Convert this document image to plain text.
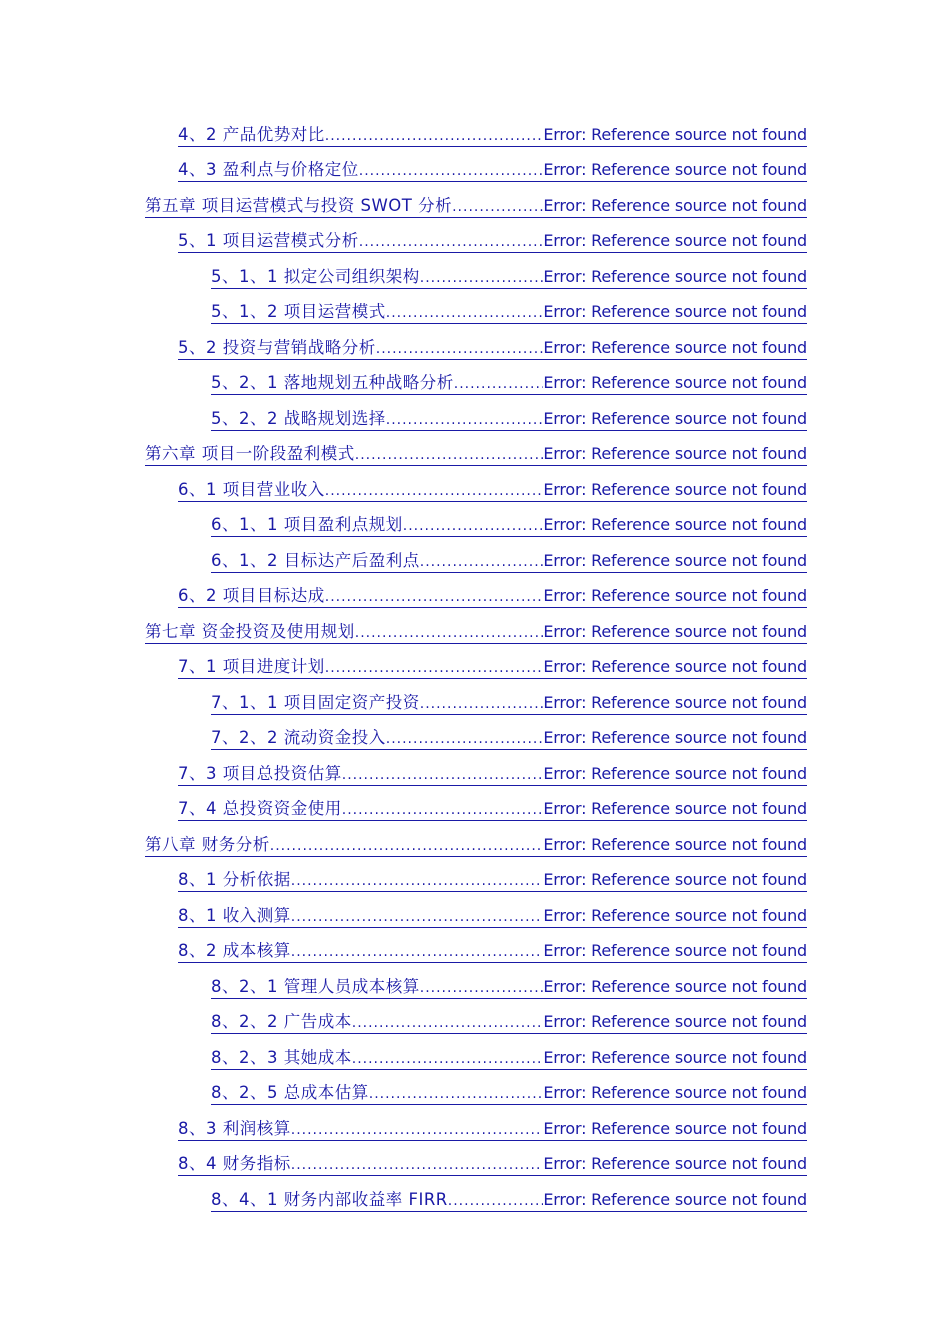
4、2 产品优势对比 .....	Error: Reference source not found
4、3 盈利点与价格定位 .....	Error: Reference source not found
第五章 项目运营模式与投资 SWOT 分析 .....	Error: Reference source not found
5、1 项目运营模式分析 .....	Error: Reference source not found
5、1、1 拟定公司组织架构 .....	Error: Reference source not found
5、1、2 项目运营模式 .....	Error: Reference source not found
5、2 投资与营销战略分析 .....	Error: Reference source not found
5、2、1 落地规划五种战略分析 .....	Error: Reference source not found
5、2、2 战略规划选择 .....	Error: Reference source not found
第六章 项目一阶段盈利模式 .....	Error: Reference source not found
6、1 项目营业收入 .....	Error: Reference source not found
6、1、1 项目盈利点规划 .....	Error: Reference source not found
6、1、2 目标达产后盈利点 .....	Error: Reference source not found
6、2 项目目标达成 .....	Error: Reference source not found
第七章 资金投资及使用规划 .....	Error: Reference source not found
7、1 项目进度计划 .....	Error: Reference source not found
7、1、1 项目固定资产投资 .....	Error: Reference source not found
7、2、2 流动资金投入 .....	Error: Reference source not found
7、3 项目总投资估算 .....	Error: Reference source not found
7、4 总投资资金使用 .....	Error: Reference source not found
第八章 财务分析 .....	Error: Reference source not found
8、1 分析依据 .....	Error: Reference source not found
8、1 收入测算 .....	Error: Reference source not found
8、2 成本核算 .....	Error: Reference source not found
8、2、1 管理人员成本核算 .....	Error: Reference source not found
8、2、2 广告成本 .....	Error: Reference source not found
8、2、3 其她成本 .....	Error: Reference source not found
8、2、5 总成本估算 .....	Error: Reference source not found
8、3 利润核算 .....	Error: Reference source not found
8、4 财务指标 .....	Error: Reference source not found
8、4、1 财务内部收益率 FIRR .....	Error: Reference source not found
